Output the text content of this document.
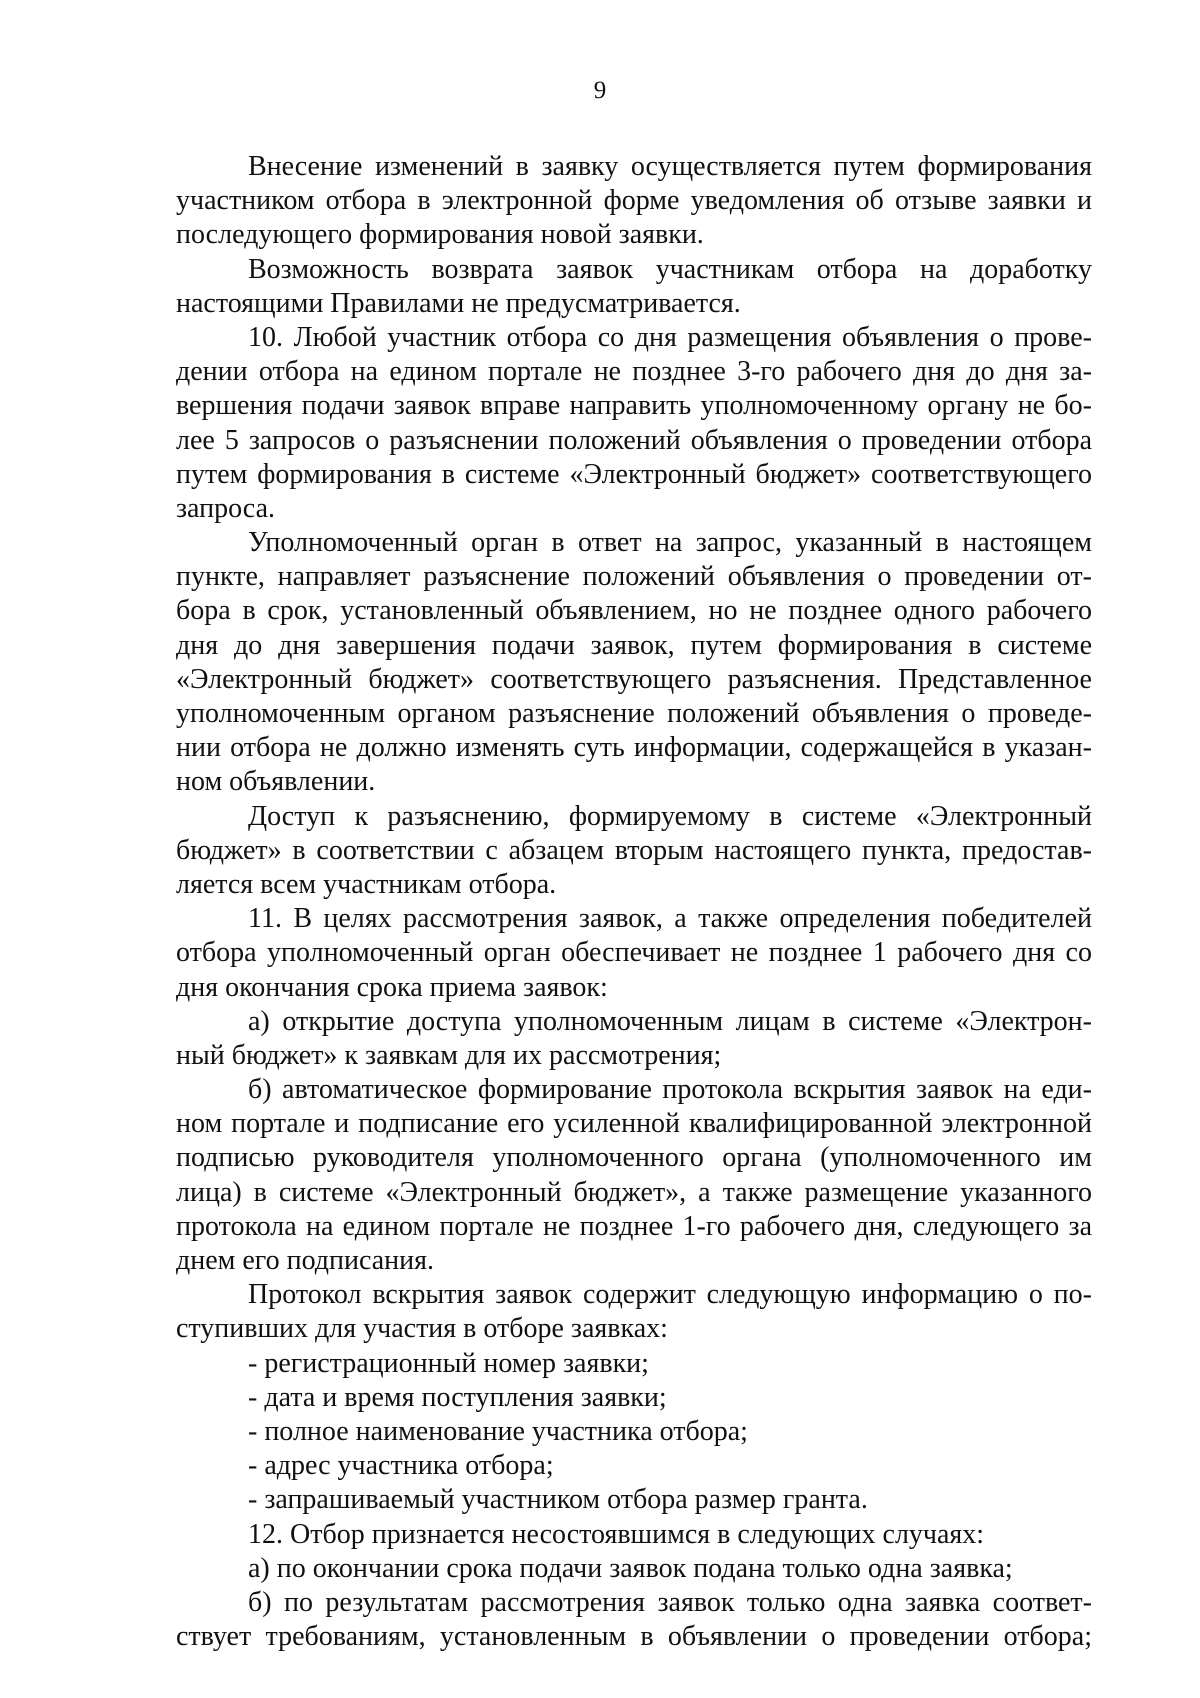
9
Внесение изменений в заявку осуществляется путем формирования
участником отбора в электронной форме уведомления об отзыве заявки и
последующего формирования новой заявки.
Возможность возврата заявок участникам отбора на доработку
настоящими Правилами не предусматривается.
10. Любой участник отбора со дня размещения объявления о прове-
дении отбора на едином портале не позднее 3-го рабочего дня до дня за-
вершения подачи заявок вправе направить уполномоченному органу не бо-
лее 5 запросов о разъяснении положений объявления о проведении отбора
путем формирования в системе «Электронный бюджет» соответствующего
запроса.
Уполномоченный орган в ответ на запрос, указанный в настоящем
пункте, направляет разъяснение положений объявления о проведении от-
бора в срок, установленный объявлением, но не позднее одного рабочего
дня до дня завершения подачи заявок, путем формирования в системе
«Электронный бюджет» соответствующего разъяснения. Представленное
уполномоченным органом разъяснение положений объявления о проведе-
нии отбора не должно изменять суть информации, содержащейся в указан-
ном объявлении.
Доступ к разъяснению, формируемому в системе «Электронный
бюджет» в соответствии с абзацем вторым настоящего пункта, предостав-
ляется всем участникам отбора.
11. В целях рассмотрения заявок, а также определения победителей
отбора уполномоченный орган обеспечивает не позднее 1 рабочего дня со
дня окончания срока приема заявок:
а) открытие доступа уполномоченным лицам в системе «Электрон-
ный бюджет» к заявкам для их рассмотрения;
б) автоматическое формирование протокола вскрытия заявок на еди-
ном портале и подписание его усиленной квалифицированной электронной
подписью руководителя уполномоченного органа (уполномоченного им
лица) в системе «Электронный бюджет», а также размещение указанного
протокола на едином портале не позднее 1-го рабочего дня, следующего за
днем его подписания.
Протокол вскрытия заявок содержит следующую информацию о по-
ступивших для участия в отборе заявках:
- регистрационный номер заявки;
- дата и время поступления заявки;
- полное наименование участника отбора;
- адрес участника отбора;
- запрашиваемый участником отбора размер гранта.
12. Отбор признается несостоявшимся в следующих случаях:
а) по окончании срока подачи заявок подана только одна заявка;
б) по результатам рассмотрения заявок только одна заявка соответ-
ствует требованиям, установленным в объявлении о проведении отбора;
